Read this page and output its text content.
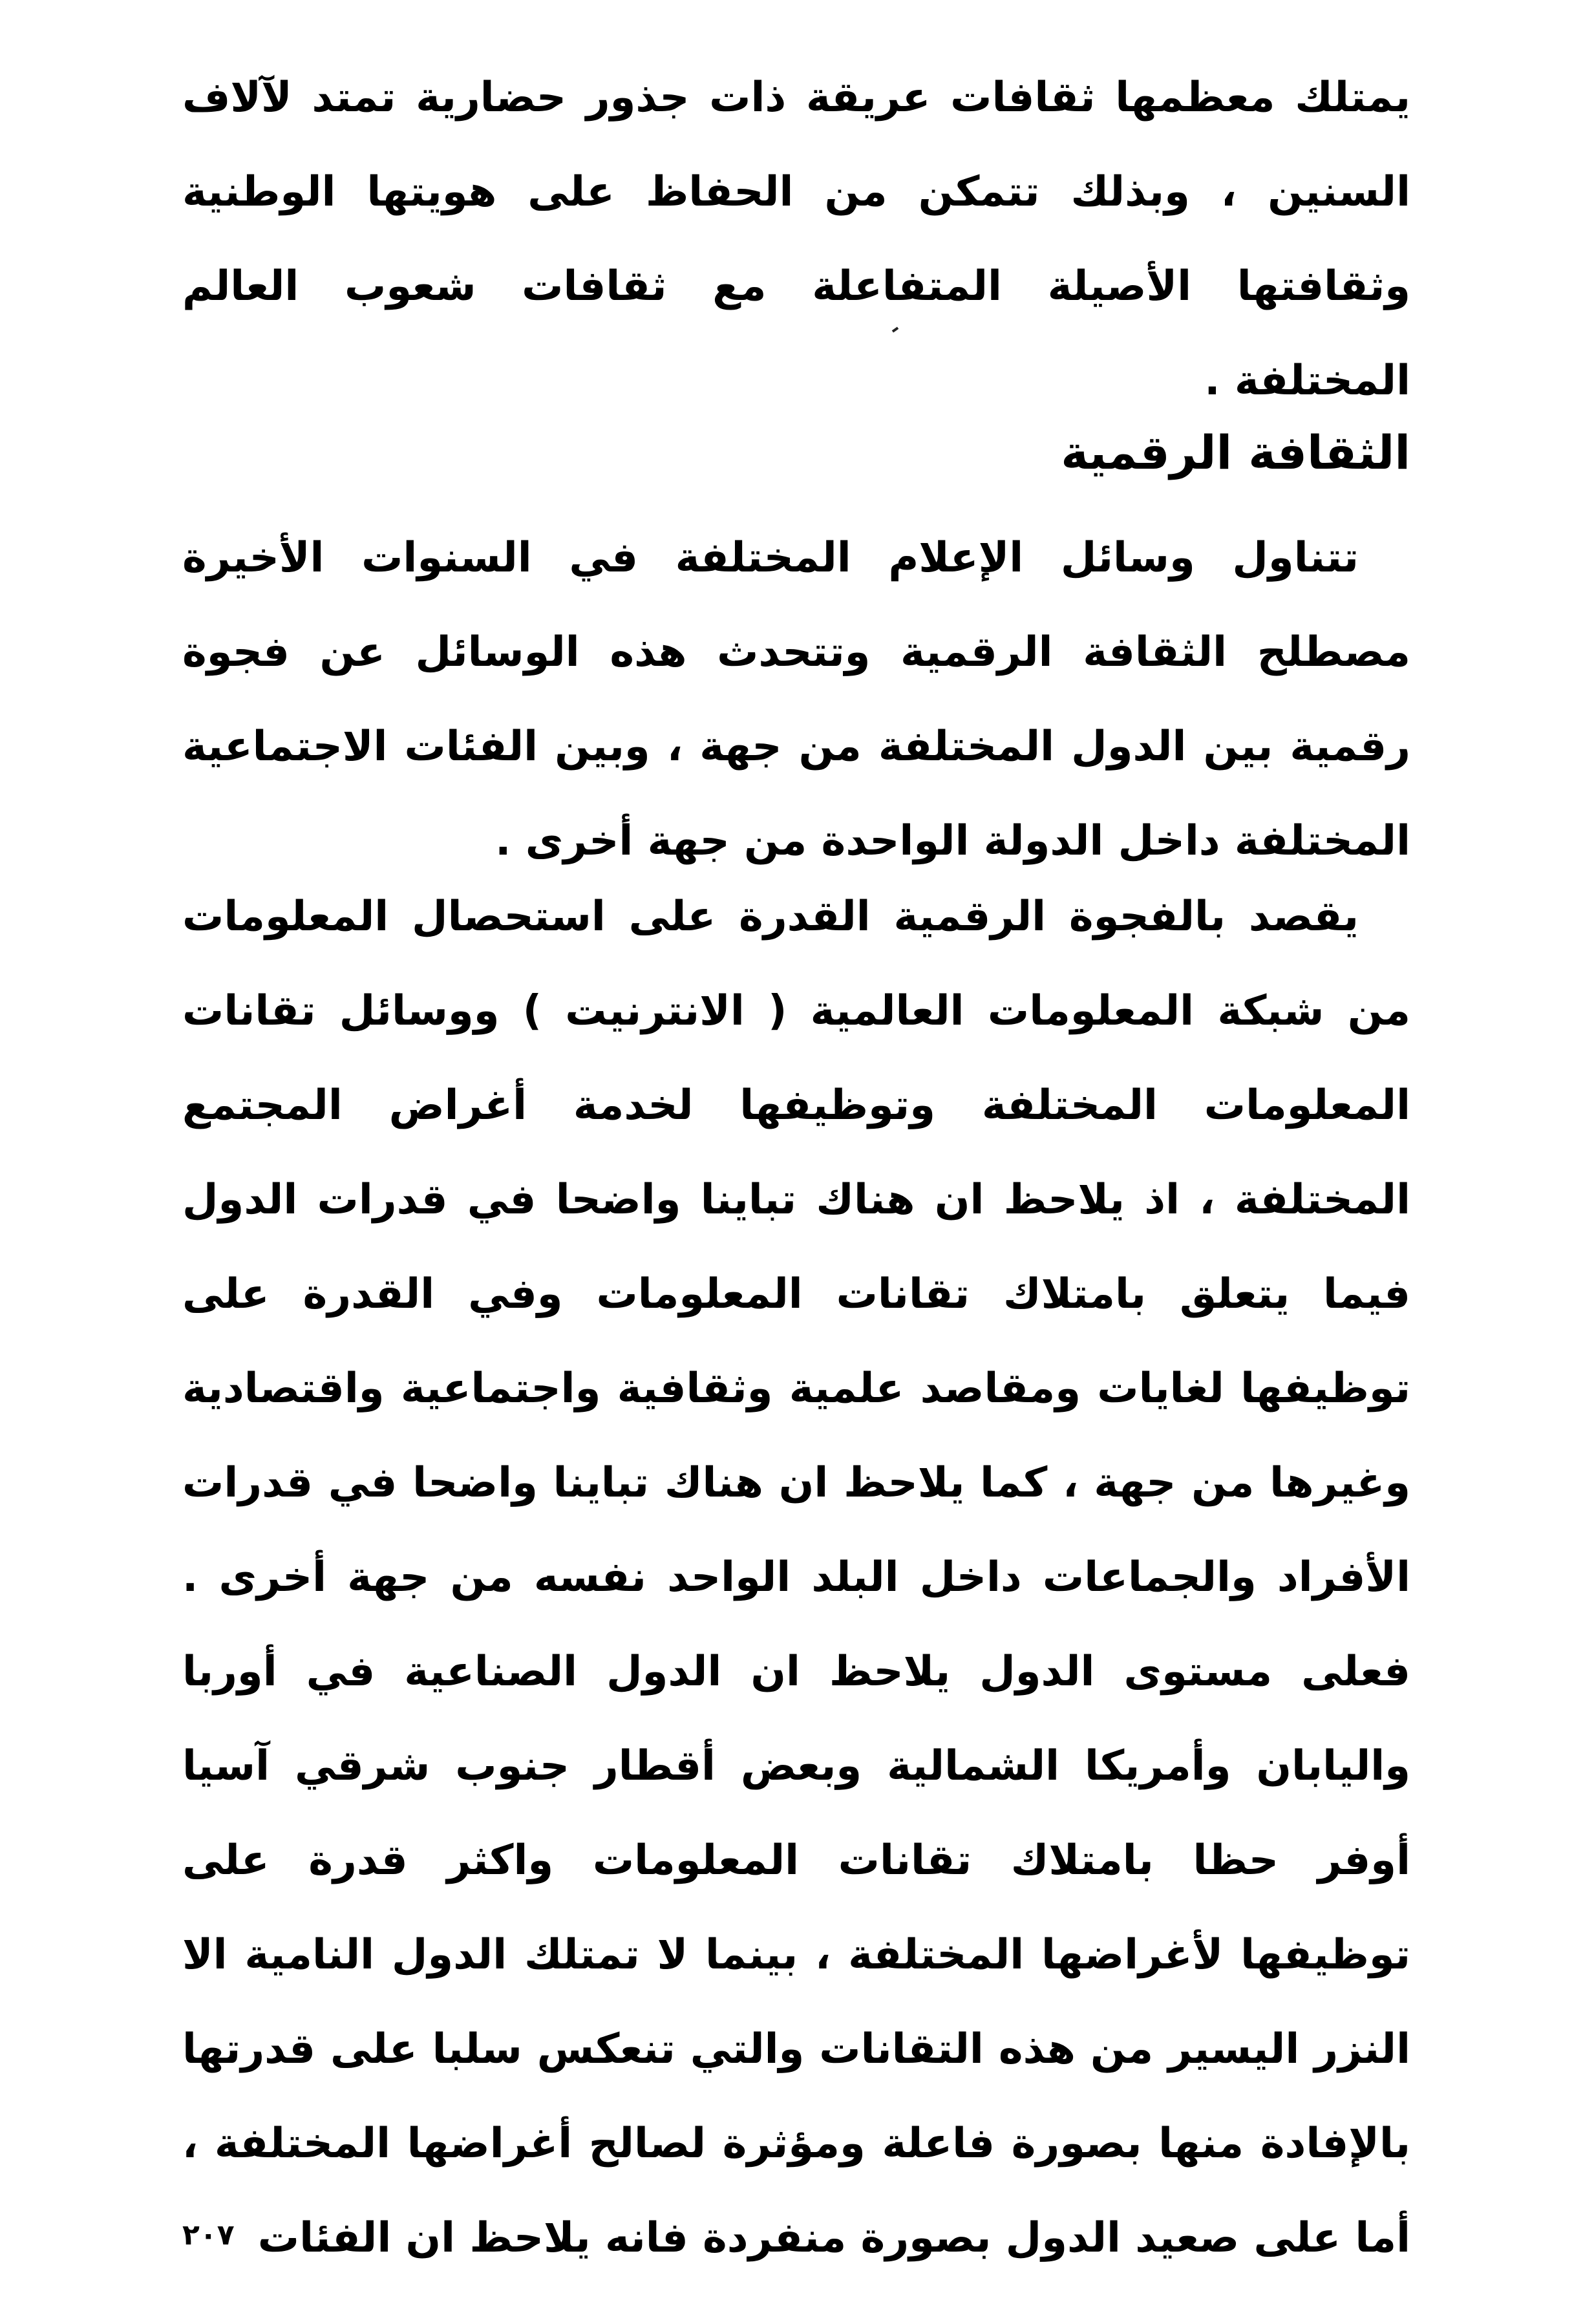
يمتلك معظمها ثقافات عريقة ذات جذور حضارية تمتد لآلاف السنين ، وبذلك تتمكن من الحفاظ على هويتها الوطنية وثقافتها الأصيلة المتفاعلة مع ثقافات شعوب العالم المختلفة .

الثقافة الرقمية

تتناول وسائل الإعلام المختلفة في السنوات الأخيرة مصطلح الثقافة الرقمية وتتحدث هذه الوسائل عن فجوة رقمية بين الدول المختلفة من جهة ، وبين الفئات الاجتماعية المختلفة داخل الدولة الواحدة من جهة أخرى .

يقصد بالفجوة الرقمية القدرة على استحصال المعلومات من شبكة المعلومات العالمية ( الانترنيت ) ووسائل تقانات المعلومات المختلفة وتوظيفها لخدمة أغراض المجتمع المختلفة ، اذ يلاحظ ان هناك تباينا واضحا في قدرات الدول فيما يتعلق بامتلاك تقانات المعلومات وفي القدرة على توظيفها لغايات ومقاصد علمية وثقافية واجتماعية واقتصادية وغيرها من جهة ، كما يلاحظ ان هناك تباينا واضحا في قدرات الأفراد والجماعات داخل البلد الواحد نفسه من جهة أخرى . فعلى مستوى الدول يلاحظ ان الدول الصناعية في أوربا واليابان وأمريكا الشمالية وبعض أقطار جنوب شرقي آسيا أوفر حظا بامتلاك تقانات المعلومات واكثر قدرة على توظيفها لأغراضها المختلفة ، بينما لا تمتلك الدول النامية الا النزر اليسير من هذه التقانات والتي تنعكس سلبا على قدرتها بالإفادة منها بصورة فاعلة ومؤثرة لصالح أغراضها المختلفة ، أما على صعيد الدول بصورة منفردة فانه يلاحظ ان الفئات

٢٠٧
